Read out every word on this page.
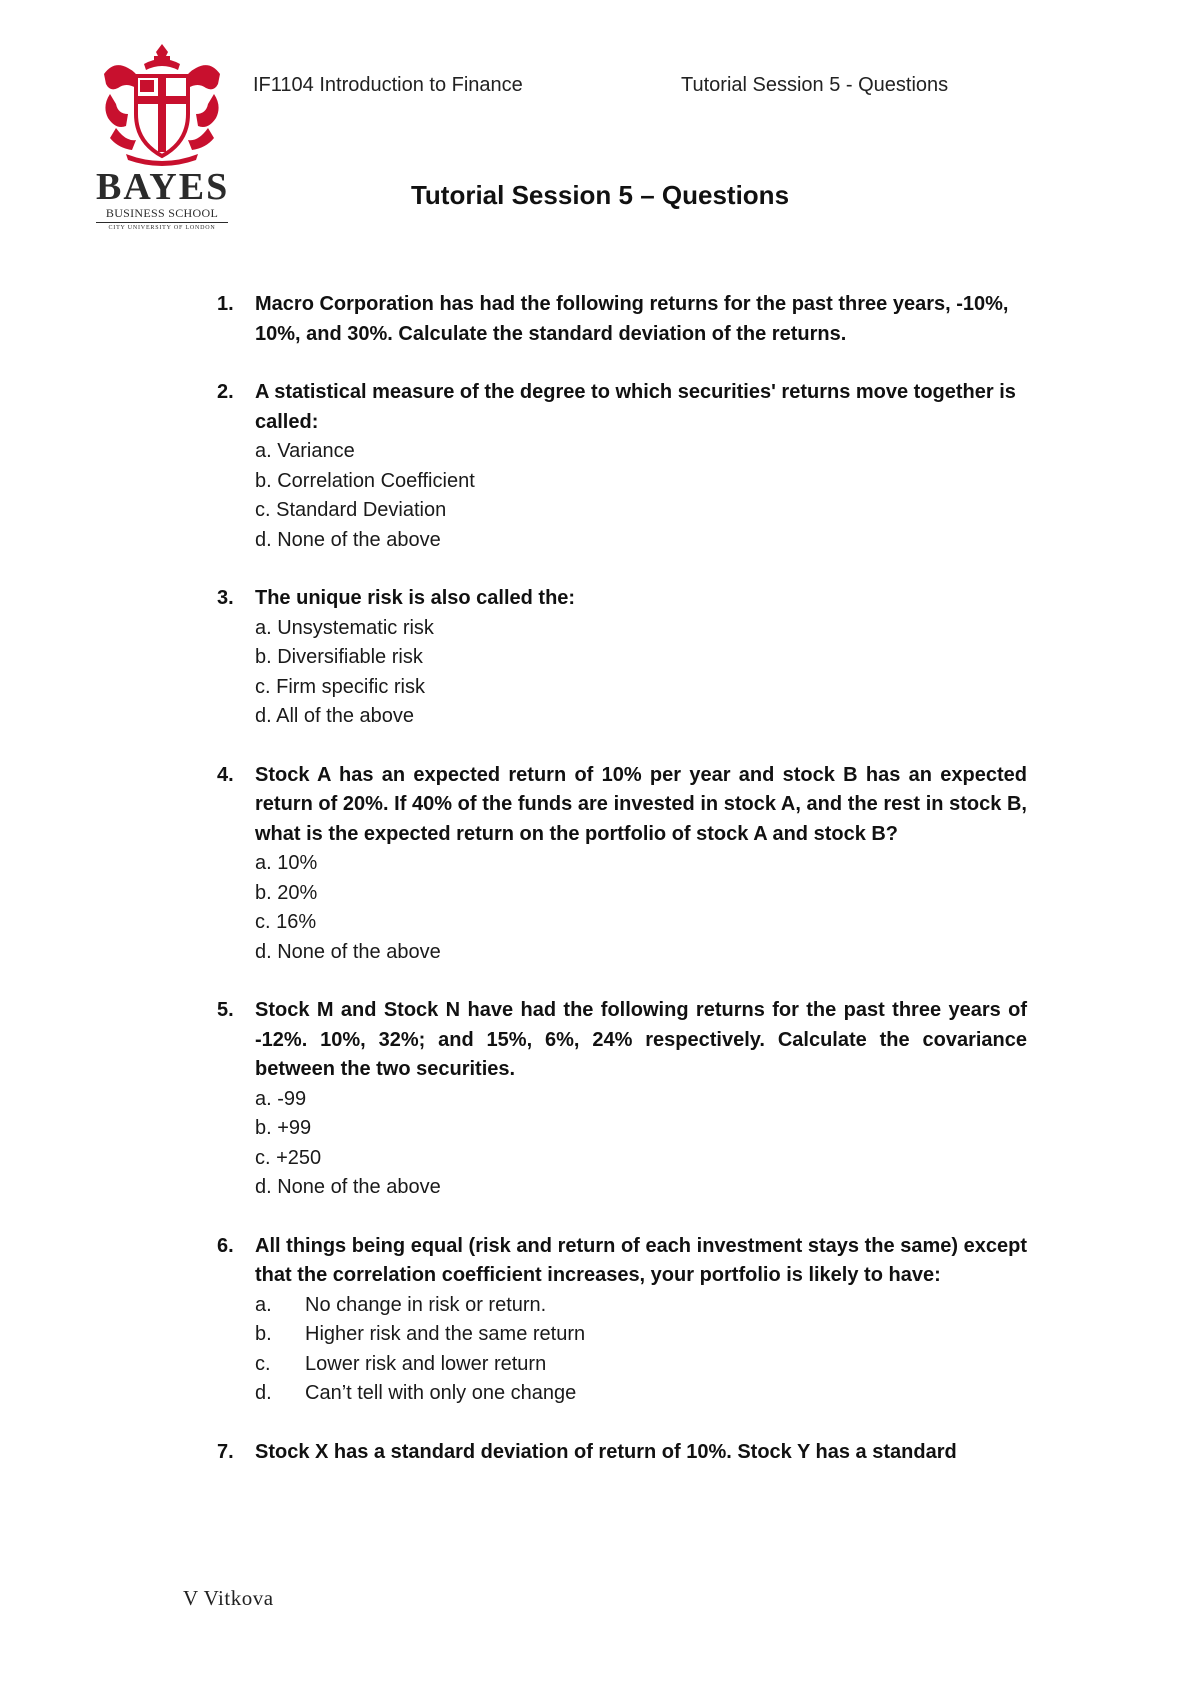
BAYES
BUSINESS SCHOOL
CITY UNIVERSITY OF LONDON
IF1104 Introduction to Finance	Tutorial Session 5 - Questions
Tutorial Session 5 – Questions
1. Macro Corporation has had the following returns for the past three years, -10%, 10%, and 30%. Calculate the standard deviation of the returns.

2. A statistical measure of the degree to which securities' returns move together is called:

a. Variance

b. Correlation Coefficient

c. Standard Deviation

d. None of the above

3. The unique risk is also called the:

a. Unsystematic risk

b. Diversifiable risk

c. Firm specific risk

d. All of the above

4. Stock A has an expected return of 10% per year and stock B has an expected return of 20%. If 40% of the funds are invested in stock A, and the rest in stock B, what is the expected return on the portfolio of stock A and stock B?

a. 10%

b. 20%

c. 16%

d. None of the above

5. Stock M and Stock N have had the following returns for the past three years of -12%. 10%, 32%; and 15%, 6%, 24% respectively. Calculate the covariance between the two securities.

a. -99

b. +99

c. +250

d. None of the above

6. All things being equal (risk and return of each investment stays the same) except that the correlation coefficient increases, your portfolio is likely to have:

a. No change in risk or return.
b. Higher risk and the same return
c. Lower risk and lower return
d. Can’t tell with only one change
7. Stock X has a standard deviation of return of 10%. Stock Y has a standard

V Vitkova
